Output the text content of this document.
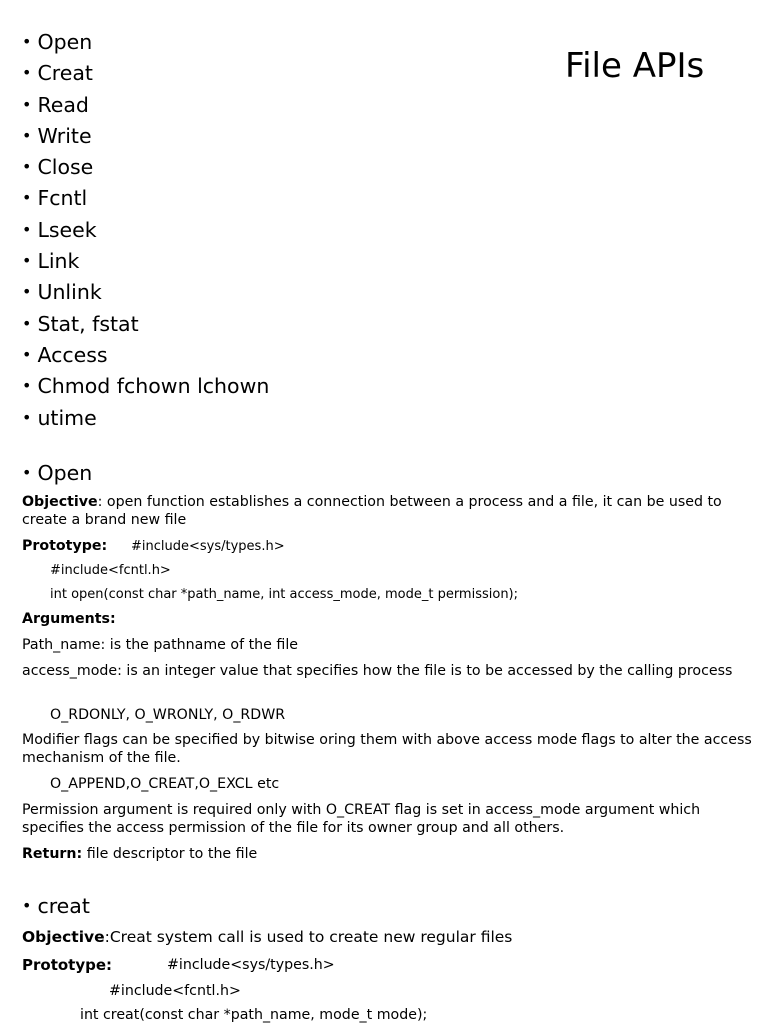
File APIs
• Open
• Creat
• Read
• Write
• Close
• Fcntl
• Lseek
• Link
• Unlink
• Stat, fstat
• Access
• Chmod fchown lchown
• utime
• Open
Objective: open function establishes a connection between a process and a file, it can be used to create a brand new file
Prototype: #include<sys/types.h>
#include<fcntl.h>
int open(const char *path_name, int access_mode, mode_t permission);
Arguments:
Path_name: is the pathname of the file
access_mode: is an integer value that specifies how the file is to be accessed by the calling process
O_RDONLY, O_WRONLY, O_RDWR
Modifier flags can be specified by bitwise oring them with above access mode flags to alter the access mechanism of the file.
O_APPEND,O_CREAT,O_EXCL etc
Permission argument is required only with O_CREAT flag is set in access_mode argument which specifies the access permission of the file for its owner group and all others.
Return: file descriptor to the file
• creat
Objective:Creat system call is used to create new regular files
Prototype:	#include<sys/types.h>
#include<fcntl.h>
int creat(const char *path_name, mode_t mode);
